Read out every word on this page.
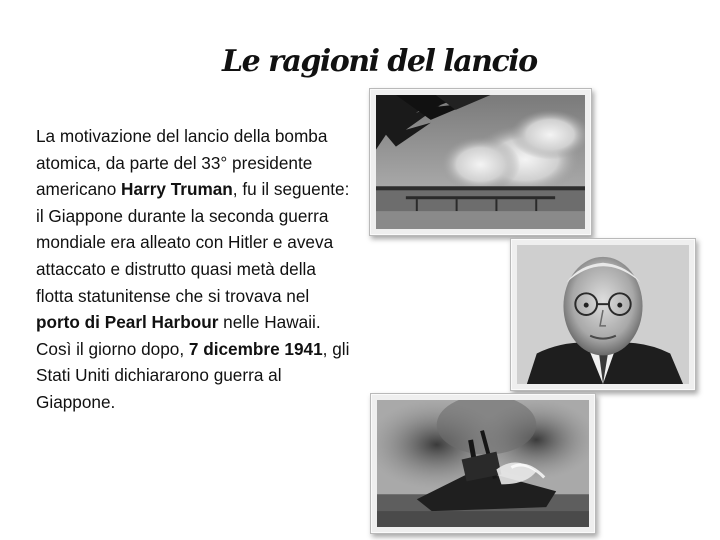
Le ragioni del lancio
La motivazione del lancio della bomba atomica, da parte del 33° presidente americano Harry Truman, fu il seguente: il Giappone durante la seconda guerra mondiale era alleato con Hitler e aveva attaccato e distrutto quasi metà della flotta statunitense che si trovava nel porto di Pearl Harbour nelle Hawaii. Così il giorno dopo, 7 dicembre 1941, gli Stati Uniti dichiararono guerra al Giappone.
